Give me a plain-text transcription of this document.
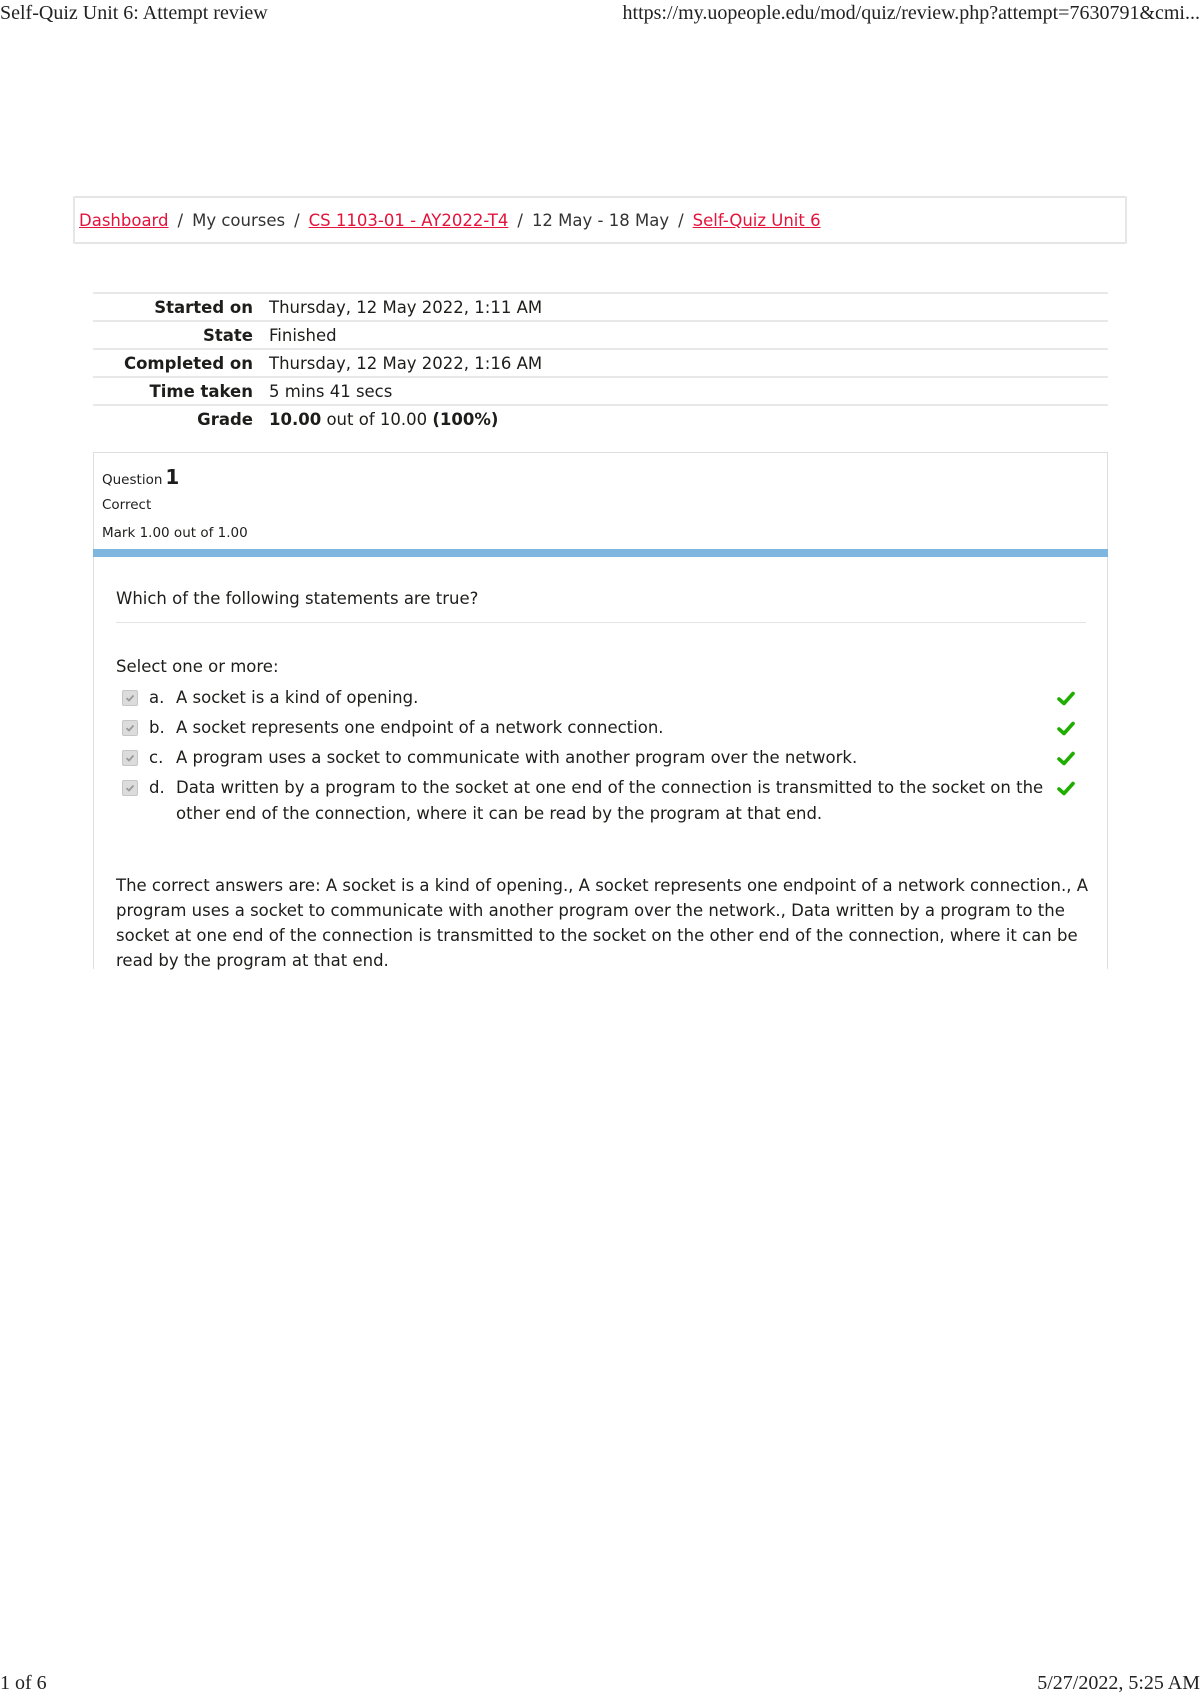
Self-Quiz Unit 6: Attempt review	https://my.uopeople.edu/mod/quiz/review.php?attempt=7630791&cmi...
Dashboard / My courses / CS 1103-01 - AY2022-T4 / 12 May - 18 May / Self-Quiz Unit 6
Started on	Thursday, 12 May 2022, 1:11 AM
State	Finished
Completed on	Thursday, 12 May 2022, 1:16 AM
Time taken	5 mins 41 secs
Grade	10.00 out of 10.00 (100%)
Question 1
Correct
Mark 1.00 out of 1.00
Which of the following statements are true?
Select one or more:
a. A socket is a kind of opening.
b. A socket represents one endpoint of a network connection.
c. A program uses a socket to communicate with another program over the network.
d. Data written by a program to the socket at one end of the connection is transmitted to the socket on the other end of the connection, where it can be read by the program at that end.
The correct answers are: A socket is a kind of opening., A socket represents one endpoint of a network connection., A program uses a socket to communicate with another program over the network., Data written by a program to the socket at one end of the connection is transmitted to the socket on the other end of the connection, where it can be read by the program at that end.
1 of 6	5/27/2022, 5:25 AM
